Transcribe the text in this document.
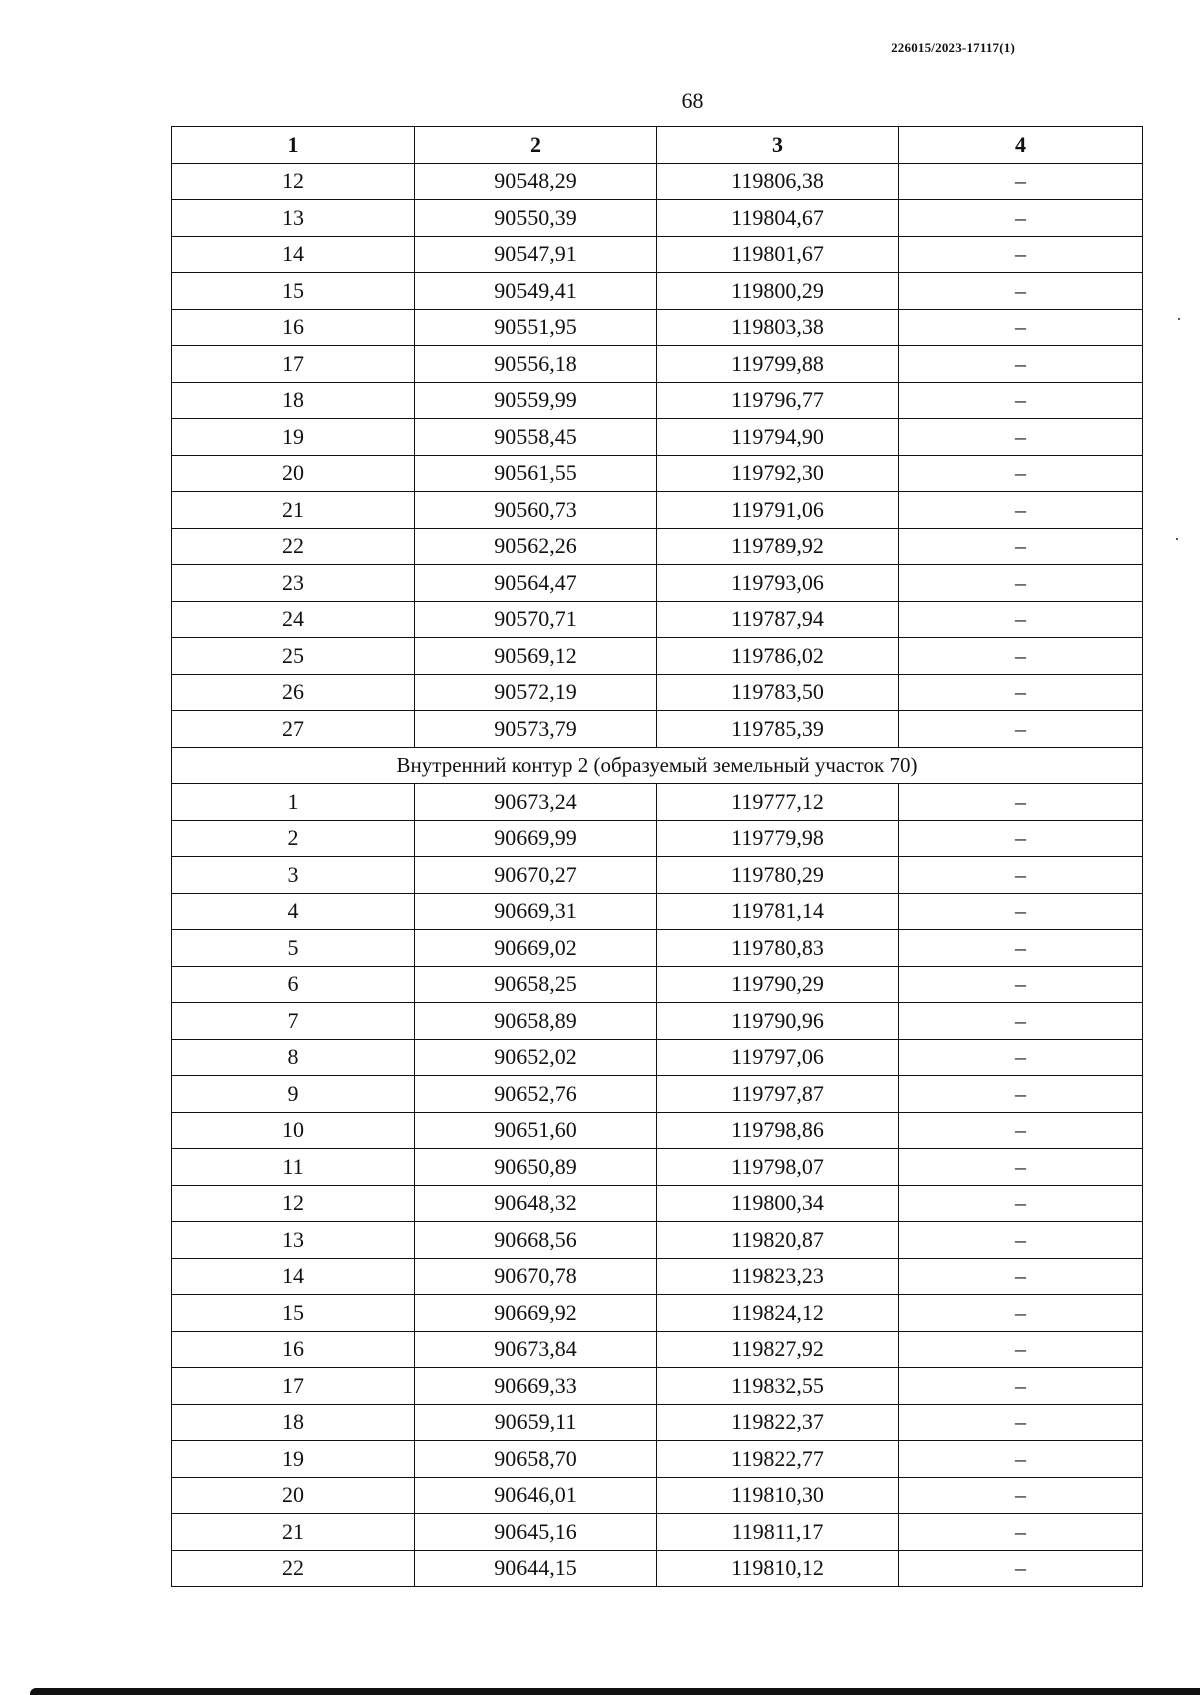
226015/2023-17117(1)
68
1	2	3	4
12	90548,29	119806,38	–
13	90550,39	119804,67	–
14	90547,91	119801,67	–
15	90549,41	119800,29	–
16	90551,95	119803,38	–
17	90556,18	119799,88	–
18	90559,99	119796,77	–
19	90558,45	119794,90	–
20	90561,55	119792,30	–
21	90560,73	119791,06	–
22	90562,26	119789,92	–
23	90564,47	119793,06	–
24	90570,71	119787,94	–
25	90569,12	119786,02	–
26	90572,19	119783,50	–
27	90573,79	119785,39	–
Внутренний контур 2 (образуемый земельный участок 70)			
1	90673,24	119777,12	–
2	90669,99	119779,98	–
3	90670,27	119780,29	–
4	90669,31	119781,14	–
5	90669,02	119780,83	–
6	90658,25	119790,29	–
7	90658,89	119790,96	–
8	90652,02	119797,06	–
9	90652,76	119797,87	–
10	90651,60	119798,86	–
11	90650,89	119798,07	–
12	90648,32	119800,34	–
13	90668,56	119820,87	–
14	90670,78	119823,23	–
15	90669,92	119824,12	–
16	90673,84	119827,92	–
17	90669,33	119832,55	–
18	90659,11	119822,37	–
19	90658,70	119822,77	–
20	90646,01	119810,30	–
21	90645,16	119811,17	–
22	90644,15	119810,12	–
